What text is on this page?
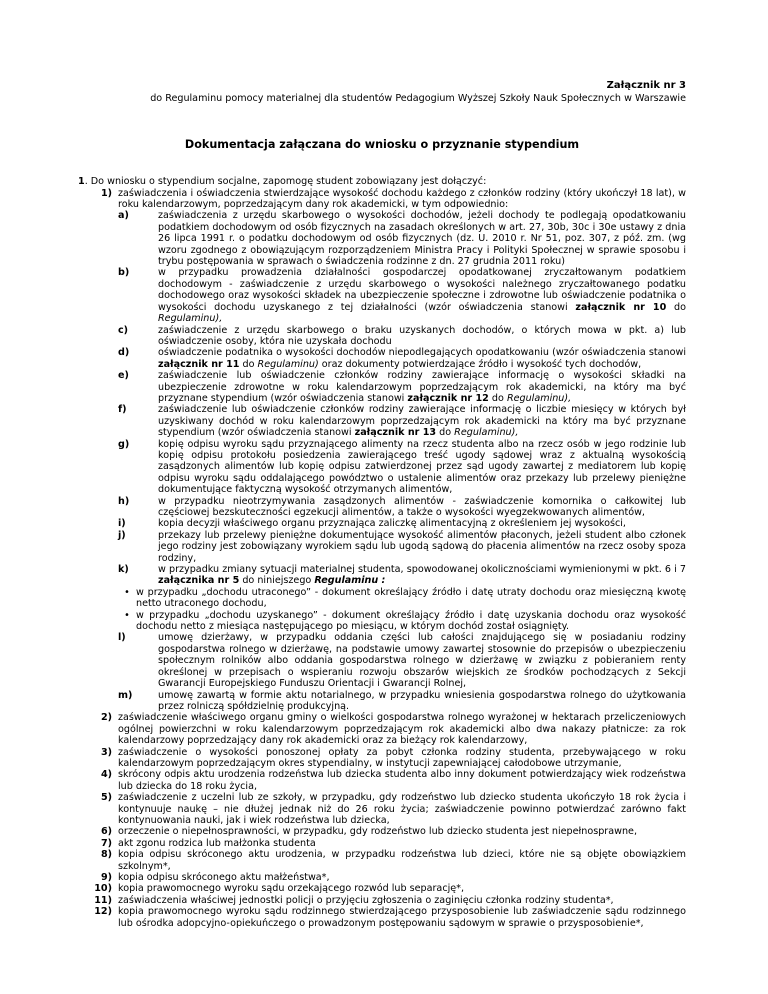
Załącznik nr 3
do Regulaminu pomocy materialnej dla studentów Pedagogium Wyższej Szkoły Nauk Społecznych w Warszawie
Dokumentacja załączana do wniosku o przyznanie stypendium
1. Do wniosku o stypendium socjalne, zapomogę student zobowiązany jest dołączyć:
1) zaświadczenia i oświadczenia stwierdzające wysokość dochodu każdego z członków rodziny (który ukończył 18 lat), w roku kalendarzowym, poprzedzającym dany rok akademicki, w tym odpowiednio:
a)	zaświadczenia z urzędu skarbowego o wysokości dochodów, jeżeli dochody te podlegają opodatkowaniu podatkiem dochodowym od osób fizycznych na zasadach określonych w art. 27, 30b, 30c i 30e ustawy z dnia 26 lipca 1991 r. o podatku dochodowym od osób fizycznych (dz. U. 2010 r. Nr 51, poz. 307, z póź. zm. (wg wzoru zgodnego z obowiązującym rozporządzeniem Ministra Pracy i Polityki Społecznej w sprawie sposobu i trybu postępowania w sprawach o świadczenia rodzinne z dn. 27 grudnia 2011 roku)
b)	w przypadku prowadzenia działalności gospodarczej opodatkowanej zryczałtowanym podatkiem dochodowym - zaświadczenie z urzędu skarbowego o wysokości należnego zryczałtowanego podatku dochodowego oraz wysokości składek na ubezpieczenie społeczne i zdrowotne lub oświadczenie podatnika o wysokości dochodu uzyskanego z tej działalności (wzór oświadczenia stanowi załącznik nr 10 do Regulaminu),
c)	zaświadczenie z urzędu skarbowego o braku uzyskanych dochodów, o których mowa w pkt. a) lub oświadczenie osoby, która nie uzyskała dochodu
d)	oświadczenie podatnika o wysokości dochodów niepodlegających opodatkowaniu (wzór oświadczenia stanowi załącznik nr 11 do Regulaminu) oraz dokumenty potwierdzające źródło i wysokość tych dochodów,
e)	zaświadczenie lub oświadczenie członków rodziny zawierające informację o wysokości składki na ubezpieczenie zdrowotne w roku kalendarzowym poprzedzającym rok akademicki, na który ma być przyznane stypendium (wzór oświadczenia stanowi załącznik nr 12 do Regulaminu),
f)	zaświadczenie lub oświadczenie członków rodziny zawierające informację o liczbie miesięcy w których był uzyskiwany dochód w roku kalendarzowym poprzedzającym rok akademicki na który ma być przyznane stypendium (wzór oświadczenia stanowi załącznik nr 13 do Regulaminu),
g)	kopię odpisu wyroku sądu przyznającego alimenty na rzecz studenta albo na rzecz osób w jego rodzinie lub kopię odpisu protokołu posiedzenia zawierającego treść ugody sądowej wraz z aktualną wysokością zasądzonych alimentów lub kopię odpisu zatwierdzonej przez sąd ugody zawartej z mediatorem lub kopię odpisu wyroku sądu oddalającego powództwo o ustalenie alimentów oraz przekazy lub przelewy pieniężne dokumentujące faktyczną wysokość otrzymanych alimentów,
h)	w przypadku nieotrzymywania zasądzonych alimentów - zaświadczenie komornika o całkowitej lub częściowej bezskuteczności egzekucji alimentów, a także o wysokości wyegzekwowanych alimentów,
i)	kopia decyzji właściwego organu przyznająca zaliczkę alimentacyjną z określeniem jej wysokości,
j)	przekazy lub przelewy pieniężne dokumentujące wysokość alimentów płaconych, jeżeli student albo członek jego rodziny jest zobowiązany wyrokiem sądu lub ugodą sądową do płacenia alimentów na rzecz osoby spoza rodziny,
k)	w przypadku zmiany sytuacji materialnej studenta, spowodowanej okolicznościami wymienionymi w pkt. 6 i 7 załącznika nr 5 do niniejszego Regulaminu :
• w przypadku „dochodu utraconego” - dokument określający źródło i datę utraty dochodu oraz miesięczną kwotę netto utraconego dochodu,
• w przypadku „dochodu uzyskanego” - dokument określający źródło i datę uzyskania dochodu oraz wysokość dochodu netto z miesiąca następującego po miesiącu, w którym dochód został osiągnięty.
l)	umowę dzierżawy, w przypadku oddania części lub całości znajdującego się w posiadaniu rodziny gospodarstwa rolnego w dzierżawę, na podstawie umowy zawartej stosownie do przepisów o ubezpieczeniu społecznym rolników albo oddania gospodarstwa rolnego w dzierżawę w związku z pobieraniem renty określonej w przepisach o wspieraniu rozwoju obszarów wiejskich ze środków pochodzących z Sekcji Gwarancji Europejskiego Funduszu Orientacji i Gwarancji Rolnej,
m)	umowę zawartą w formie aktu notarialnego, w przypadku wniesienia gospodarstwa rolnego do użytkowania przez rolniczą spółdzielnię produkcyjną.
2) zaświadczenie właściwego organu gminy o wielkości gospodarstwa rolnego wyrażonej w hektarach przeliczeniowych ogólnej powierzchni w roku kalendarzowym poprzedzającym rok akademicki albo dwa nakazy płatnicze: za rok kalendarzowy poprzedzający dany rok akademicki oraz za bieżący rok kalendarzowy,
3) zaświadczenie o wysokości ponoszonej opłaty za pobyt członka rodziny studenta, przebywającego w roku kalendarzowym poprzedzającym okres stypendialny, w instytucji zapewniającej całodobowe utrzymanie,
4) skrócony odpis aktu urodzenia rodzeństwa lub dziecka studenta albo inny dokument potwierdzający wiek rodzeństwa lub dziecka do 18 roku życia,
5) zaświadczenie z uczelni lub ze szkoły, w przypadku, gdy rodzeństwo lub dziecko studenta ukończyło 18 rok życia i kontynuuje naukę – nie dłużej jednak niż do 26 roku życia; zaświadczenie powinno potwierdzać zarówno fakt kontynuowania nauki, jak i wiek rodzeństwa lub dziecka,
6) orzeczenie o niepełnosprawności, w przypadku, gdy rodzeństwo lub dziecko studenta jest niepełnosprawne,
7) akt zgonu rodzica lub małżonka studenta
8) kopia odpisu skróconego aktu urodzenia, w przypadku rodzeństwa lub dzieci, które nie są objęte obowiązkiem szkolnym*,
9) kopia odpisu skróconego aktu małżeństwa*,
10) kopia prawomocnego wyroku sądu orzekającego rozwód lub separację*,
11) zaświadczenia właściwej jednostki policji o przyjęciu zgłoszenia o zaginięciu członka rodziny studenta*,
12) kopia prawomocnego wyroku sądu rodzinnego stwierdzającego przysposobienie lub zaświadczenie sądu rodzinnego lub ośrodka adopcyjno-opiekuńczego o prowadzonym postępowaniu sądowym w sprawie o przysposobienie*,
